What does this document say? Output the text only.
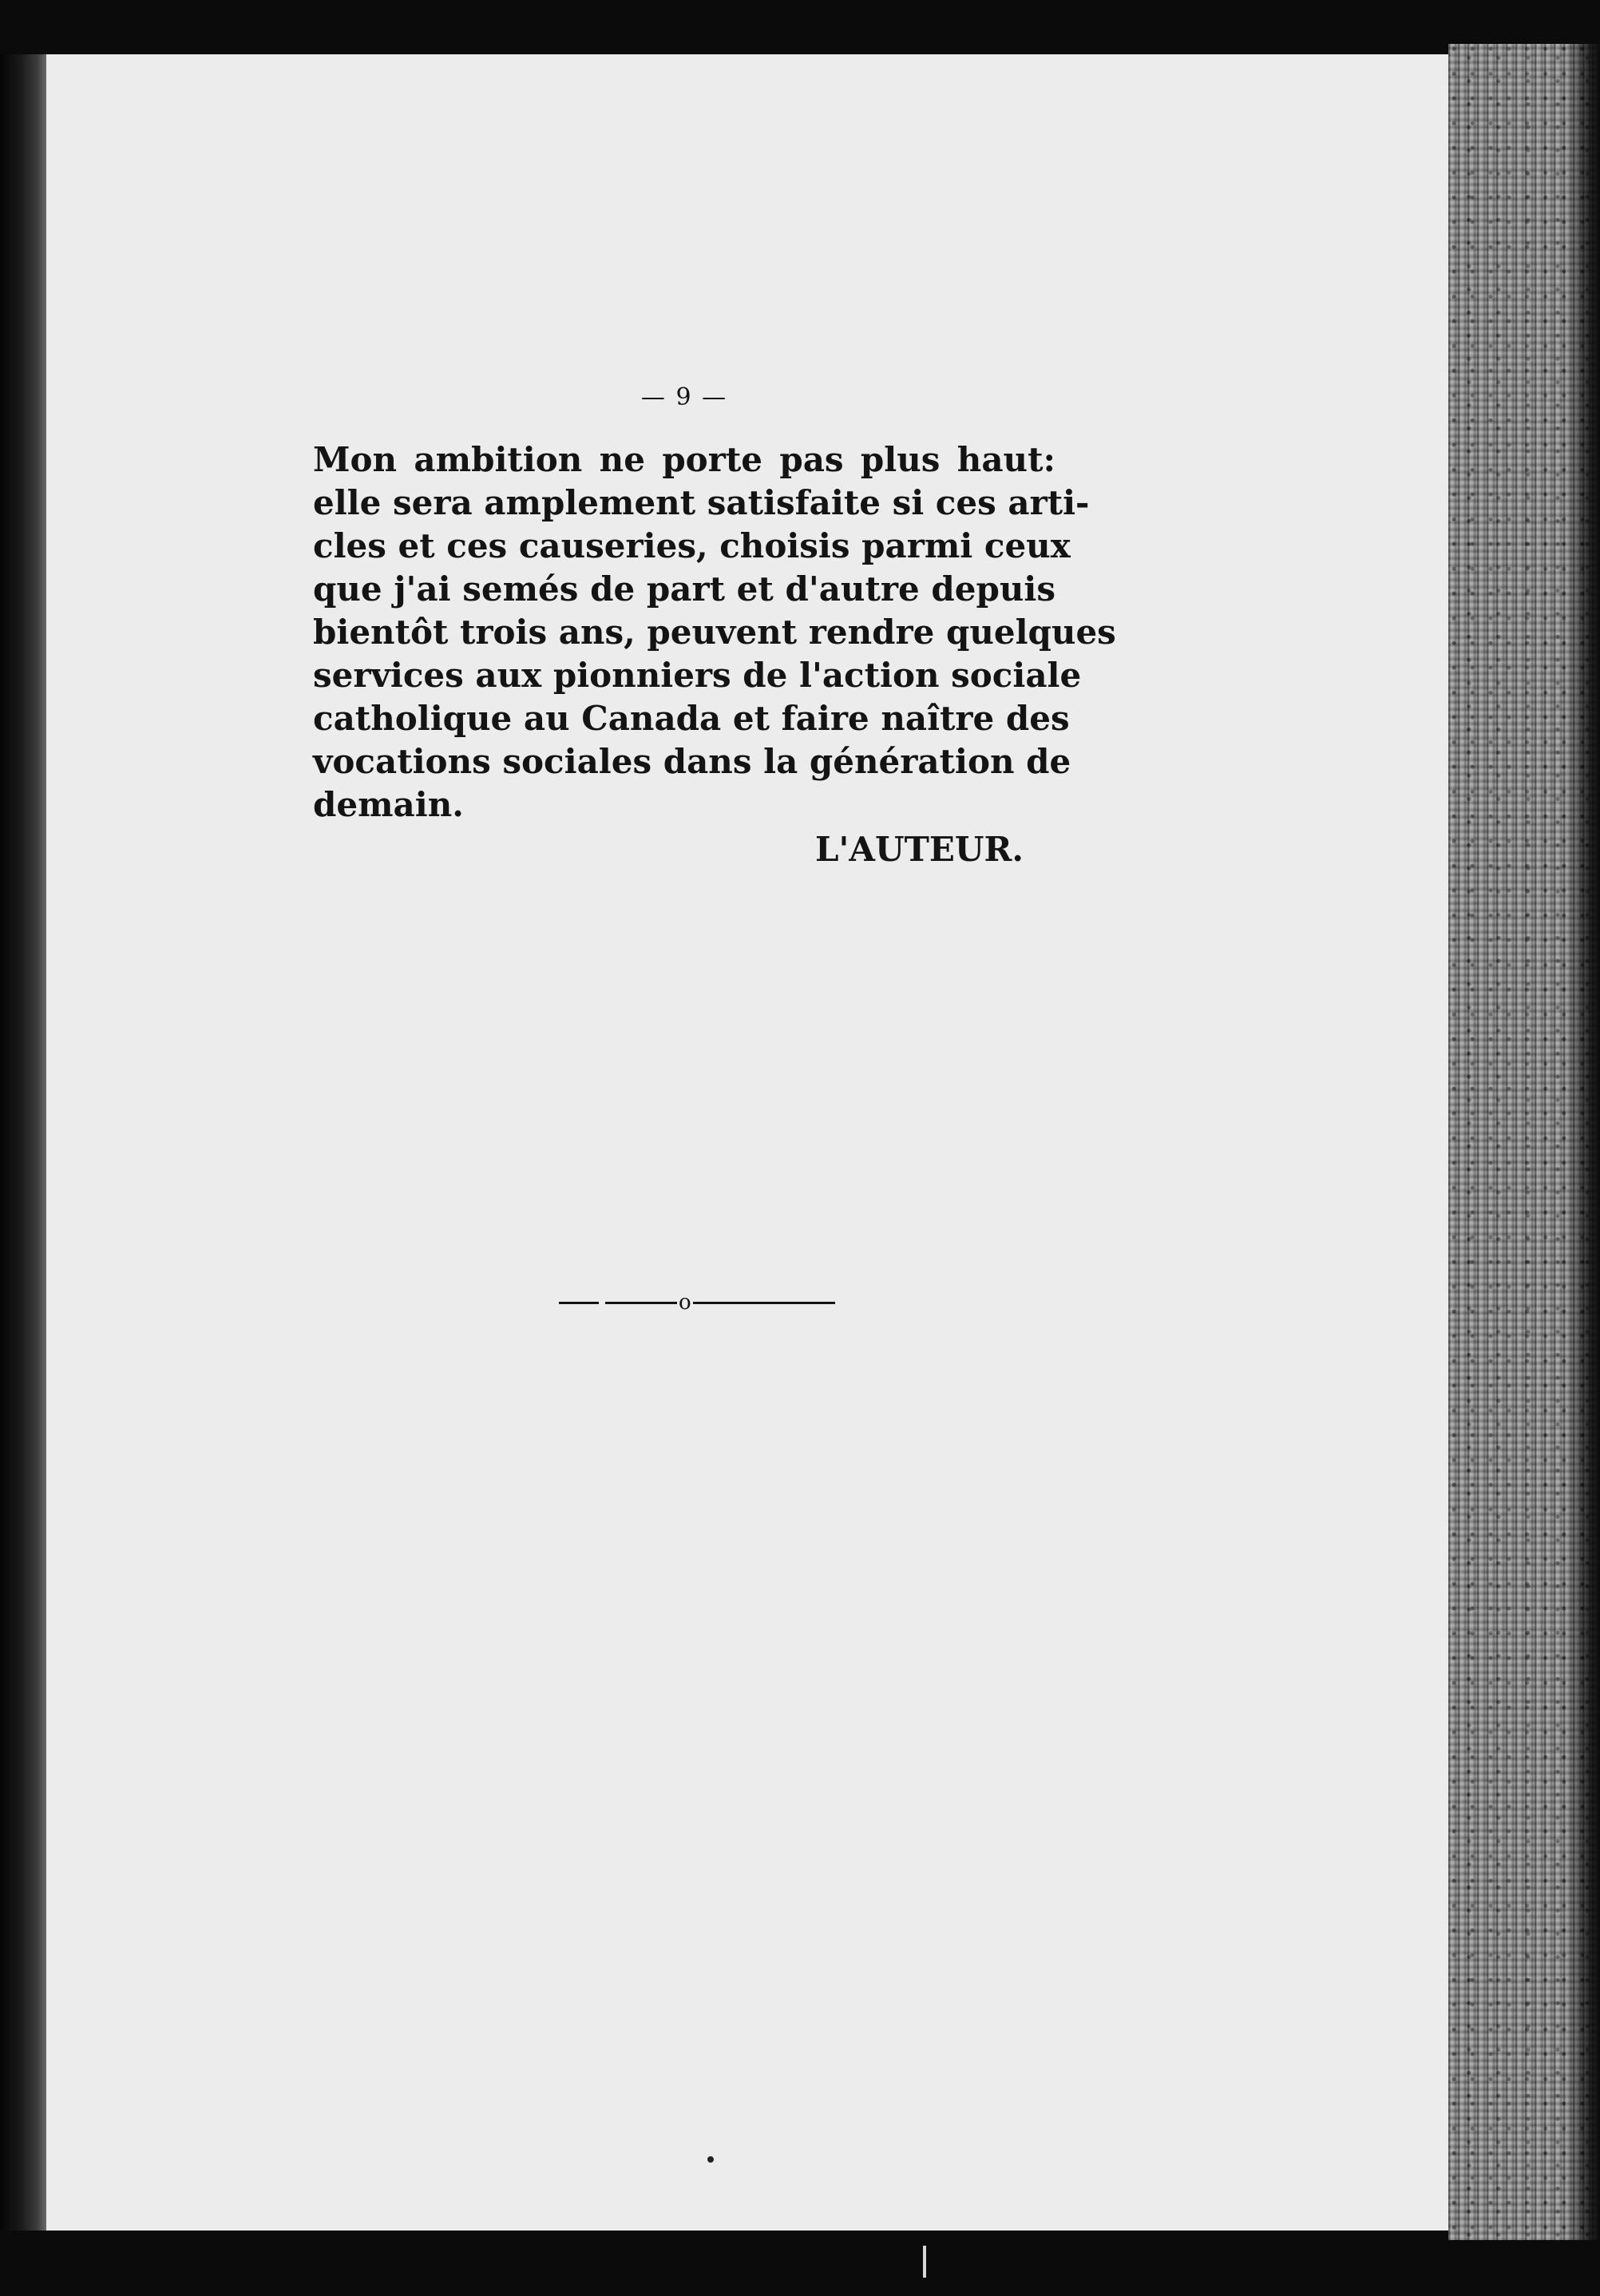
— 9 —
Mon ambition ne porte pas plus haut:
elle sera amplement satisfaite si ces arti-
cles et ces causeries, choisis parmi ceux
que j'ai semés de part et d'autre depuis
bientôt trois ans, peuvent rendre quelques
services aux pionniers de l'action sociale
catholique au Canada et faire naître des
vocations sociales dans la génération de
demain.
L'AUTEUR.
o
